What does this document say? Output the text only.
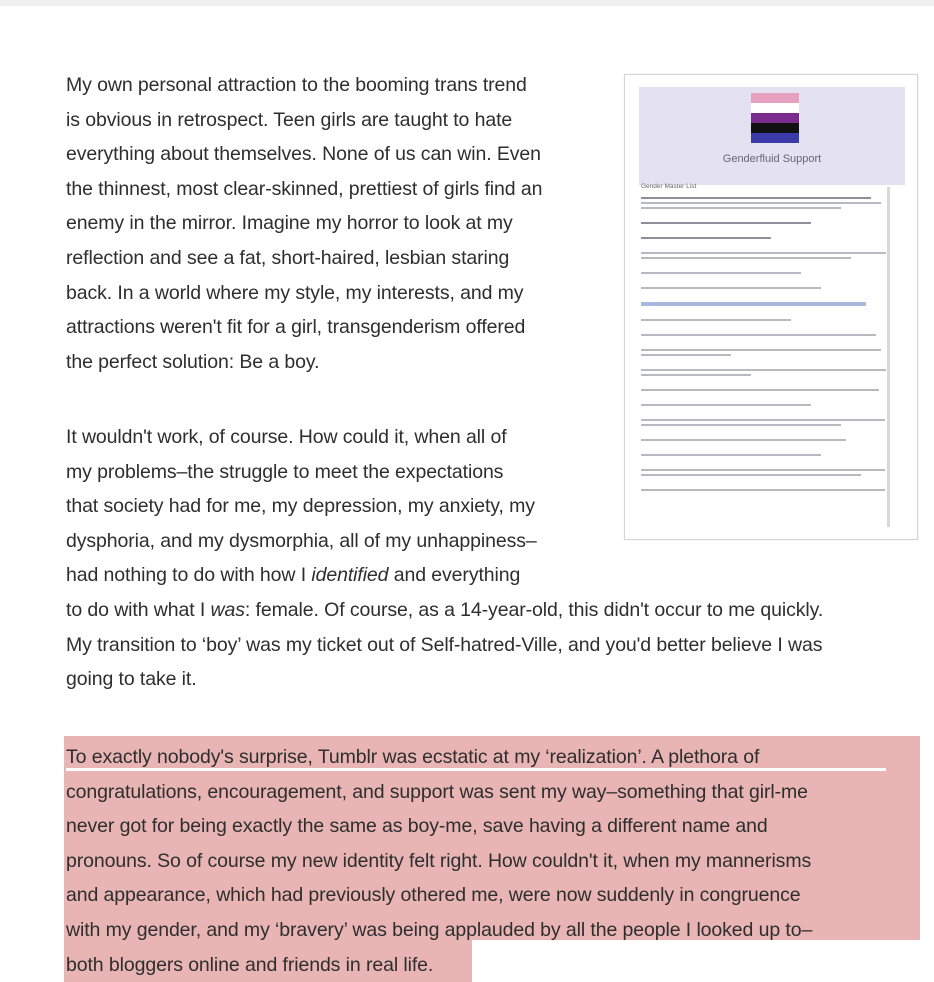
My own personal attraction to the booming trans trend
is obvious in retrospect. Teen girls are taught to hate
everything about themselves. None of us can win. Even
the thinnest, most clear-skinned, prettiest of girls find an
enemy in the mirror. Imagine my horror to look at my
reflection and see a fat, short-haired, lesbian staring
back. In a world where my style, my interests, and my
attractions weren't fit for a girl, transgenderism offered
the perfect solution: Be a boy.
Genderfluid Support
Gender Master List
It wouldn't work, of course. How could it, when all of
my problems–the struggle to meet the expectations
that society had for me, my depression, my anxiety, my
dysphoria, and my dysmorphia, all of my unhappiness–
had nothing to do with how I identified and everything
to do with what I was: female. Of course, as a 14-year-old, this didn't occur to me quickly.
My transition to ‘boy’ was my ticket out of Self-hatred-Ville, and you'd better believe I was
going to take it.
To exactly nobody's surprise, Tumblr was ecstatic at my ‘realization’. A plethora of
congratulations, encouragement, and support was sent my way–something that girl-me
never got for being exactly the same as boy-me, save having a different name and
pronouns. So of course my new identity felt right. How couldn't it, when my mannerisms
and appearance, which had previously othered me, were now suddenly in congruence
with my gender, and my ‘bravery’ was being applauded by all the people I looked up to–
both bloggers online and friends in real life.
